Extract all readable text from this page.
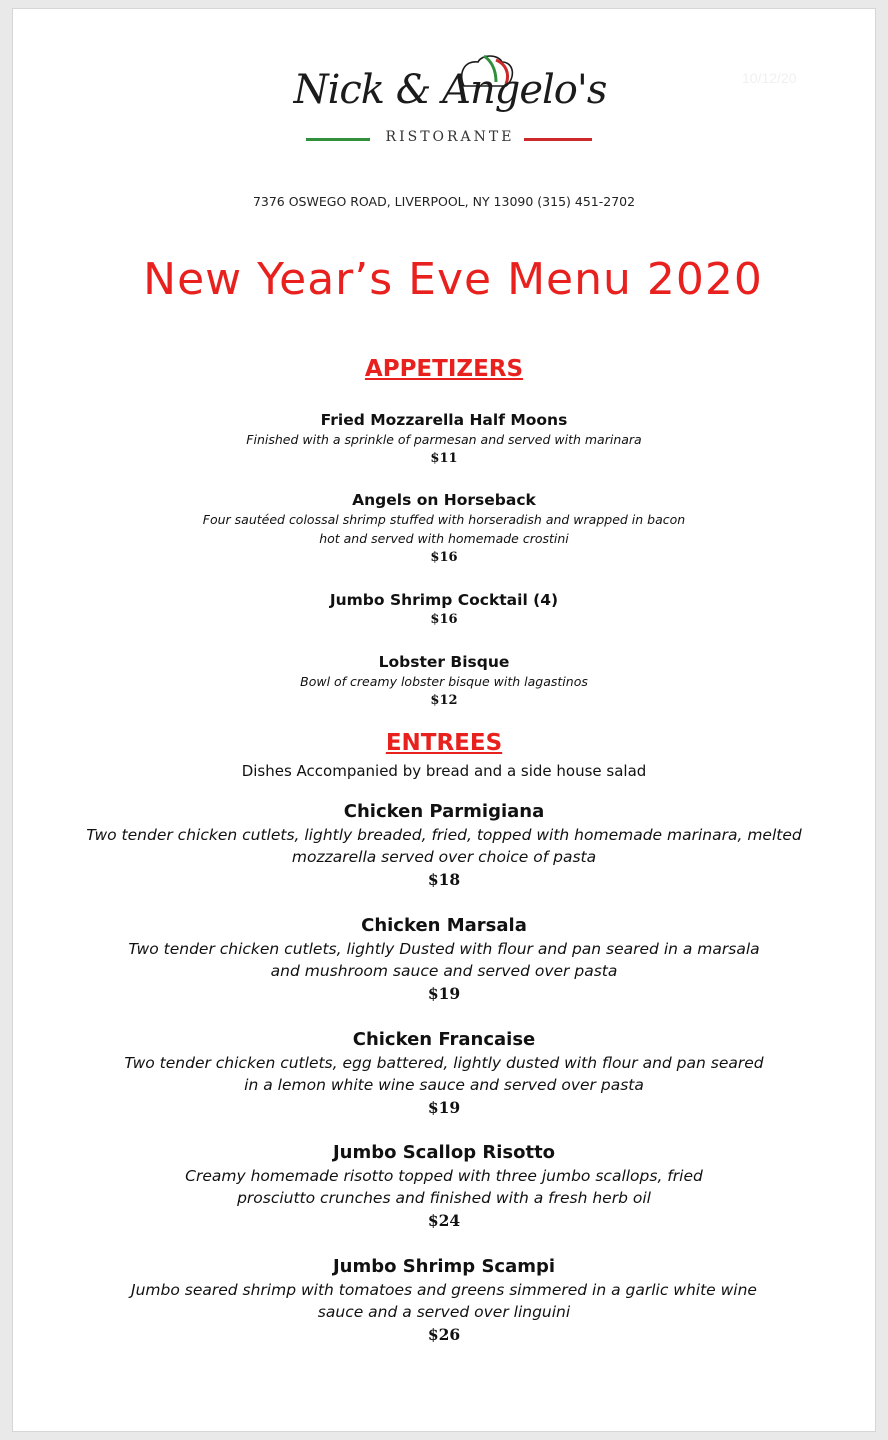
Nick & Angelo's
RISTORANTE
10/12/20
7376 OSWEGO ROAD, LIVERPOOL, NY 13090 (315) 451-2702
New Year’s Eve Menu 2020
APPETIZERS
Fried Mozzarella Half Moons
Finished with a sprinkle of parmesan and served with marinara
$11
Angels on Horseback
Four sautéed colossal shrimp stuffed with horseradish and wrapped in bacon
hot and served with homemade crostini
$16
Jumbo Shrimp Cocktail (4)
$16
Lobster Bisque
Bowl of creamy lobster bisque with lagastinos
$12
ENTREES
Dishes Accompanied by bread and a side house salad
Chicken Parmigiana
Two tender chicken cutlets, lightly breaded, fried, topped with homemade marinara, melted
mozzarella served over choice of pasta
$18
Chicken Marsala
Two tender chicken cutlets, lightly Dusted with flour and pan seared in a marsala
and mushroom sauce and served over pasta
$19
Chicken Francaise
Two tender chicken cutlets, egg battered, lightly dusted with flour and pan seared
in a lemon white wine sauce and served over pasta
$19
Jumbo Scallop Risotto
Creamy homemade risotto topped with three jumbo scallops, fried
prosciutto crunches and finished with a fresh herb oil
$24
Jumbo Shrimp Scampi
Jumbo seared shrimp with tomatoes and greens simmered in a garlic white wine
sauce and a served over linguini
$26
